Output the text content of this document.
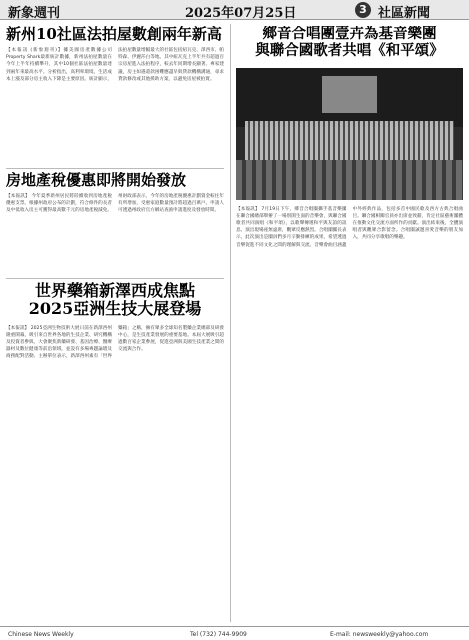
新象週刊	2025年07月25日	3 社區新聞
新州10社區法拍屋數創兩年新高

【本報訊 (新象週刊)】據美國房產數據公司Property Shark最新統計數據，新州法拍屋數量在今年上半年持續攀升，其中10個社區法拍屋數量達到兩年來最高水平。分析指出，高利率環境、生活成本上漲及部分房主收入下降是主要原因。統計顯示，法拍屋數量增幅最大的社區包括紐瓦克、澤西市、帕特森、伊麗莎白等地。其中紐瓦克上半年共有超過百宗房屋進入法拍程序，較去年同期增長顯著。專家建議，房主如遇還款困難應盡早與貸款機構溝通，尋求貸款修改或其他援助方案，以避免房屋被拍賣。

房地產稅優惠即將開始發放

【本報訊】 今年夏季新州居民將陸續收到房地產稅優惠支票。根據州政府公布的計劃，符合條件的長者及中低收入房主可獲得最高數千元的房地產稅減免。州財政部表示，今年的房地產稅優惠計劃資金較往年有所增加，受惠家庭數量預計將超過百萬戶。申請人可透過州政府官方網站查詢申請進度及發放時間。

世界藥箱新澤西成焦點
2025亞洲生技大展登場

【本報訊】 2025亞洲生物技術大展日前在新澤西州隆重開幕，吸引來自世界各地的生技企業、研究機構及投資者參與。大會聚焦新藥研發、基因治療、醫療器材及數位健康等前沿領域，並設有多場專題論壇及商務配對活動。主辦單位表示，新澤西州素有「世界藥箱」之稱，擁有眾多全球知名製藥企業總部及研發中心，是生技產業發展的重要基地。本屆大展吸引超過數百家企業參展，促進亞洲與美國生技產業之間的交流與合作。

鄉音合唱團壹卉為基音樂團
與聯合國歌者共唱《和平頌》

【本報訊】 7月19日下午，鄉音合唱團攜手基音樂團在聯合國總部舉辦了一場別開生面的音樂會，與聯合國歌者共同演唱《和平頌》，以歌聲傳遞和平與友誼的訊息。演出現場座無虛席，觀眾反應熱烈。合唱團團長表示，此次演出是團員們多月辛勤排練的成果，希望透過音樂促進不同文化之間的理解與交流。音樂會曲目涵蓋中外經典作品，包括多首中國民歌及西方古典合唱曲目。聯合國相關官員亦出席並致辭，肯定社區藝術團體在推動文化交流方面所作的貢獻。演出結束後，全體演唱者與觀眾合影留念。合唱團誠邀喜愛音樂的朋友加入，共同分享歌唱的樂趣。

Chinese News Weekly	Tel (732) 744-9909	E-mail: newsweekly@yahoo.com
